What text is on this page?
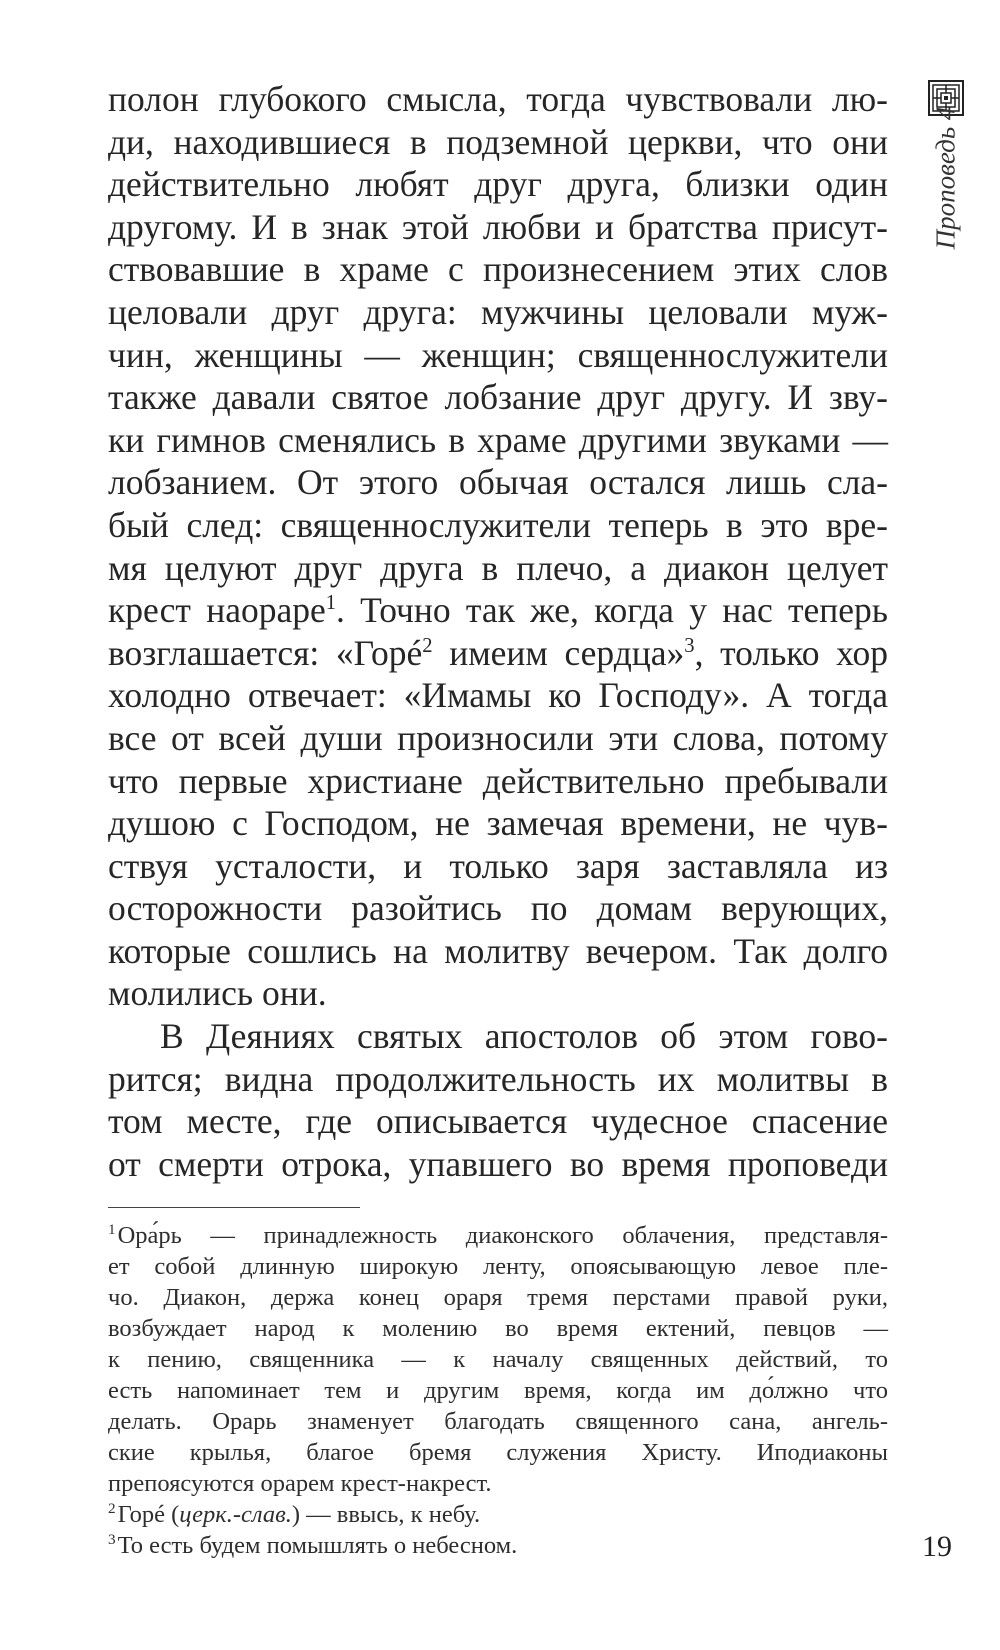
Проповедь 4
полон глубокого смысла, тогда чувствовали лю-
ди, находившиеся в подземной церкви, что они
действительно любят друг друга, близки один
другому. И в знак этой любви и братства присут-
ствовавшие в храме с произнесением этих слов
целовали друг друга: мужчины целовали муж-
чин, женщины — женщин; священнослужители
также давали святое лобзание друг другу. И зву-
ки гимнов сменялись в храме другими звуками —
лобзанием. От этого обычая остался лишь сла-
бый след: священнослужители теперь в это вре-
мя целуют друг друга в плечо, а диакон целует
крест наораре$^1$. Точно так же, когда у нас теперь
возглашается: «Горé$^2$ имеим сердца»$^3$, только хор
холодно отвечает: «Имамы ко Господу». А тогда
все от всей души произносили эти слова, потому
что первые христиане действительно пребывали
душою с Господом, не замечая времени, не чув-
ствуя усталости, и только заря заставляла из
осторожности разойтись по домам верующих,
которые сошлись на молитву вечером. Так долго
молились они.
В Деяниях святых апостолов об этом гово-
рится; видна продолжительность их молитвы в
том месте, где описывается чудесное спасение
от смерти отрока, упавшего во время проповеди
$^1$Ора́рь — принадлежность диаконского облачения, представля-
ет собой длинную широкую ленту, опоясывающую левое пле-
чо. Диакон, держа конец ораря тремя перстами правой руки,
возбуждает народ к молению во время ектений, певцов —
к пению, священника — к началу священных действий, то
есть напоминает тем и другим время, когда им до́лжно что
делать. Орарь знаменует благодать священного сана, ангель-
ские крылья, благое бремя служения Христу. Иподиаконы
препоясуются орарем крест-накрест.
$^2$Горé (церк.-слав.) — ввысь, к небу.
$^3$То есть будем помышлять о небесном.	19
